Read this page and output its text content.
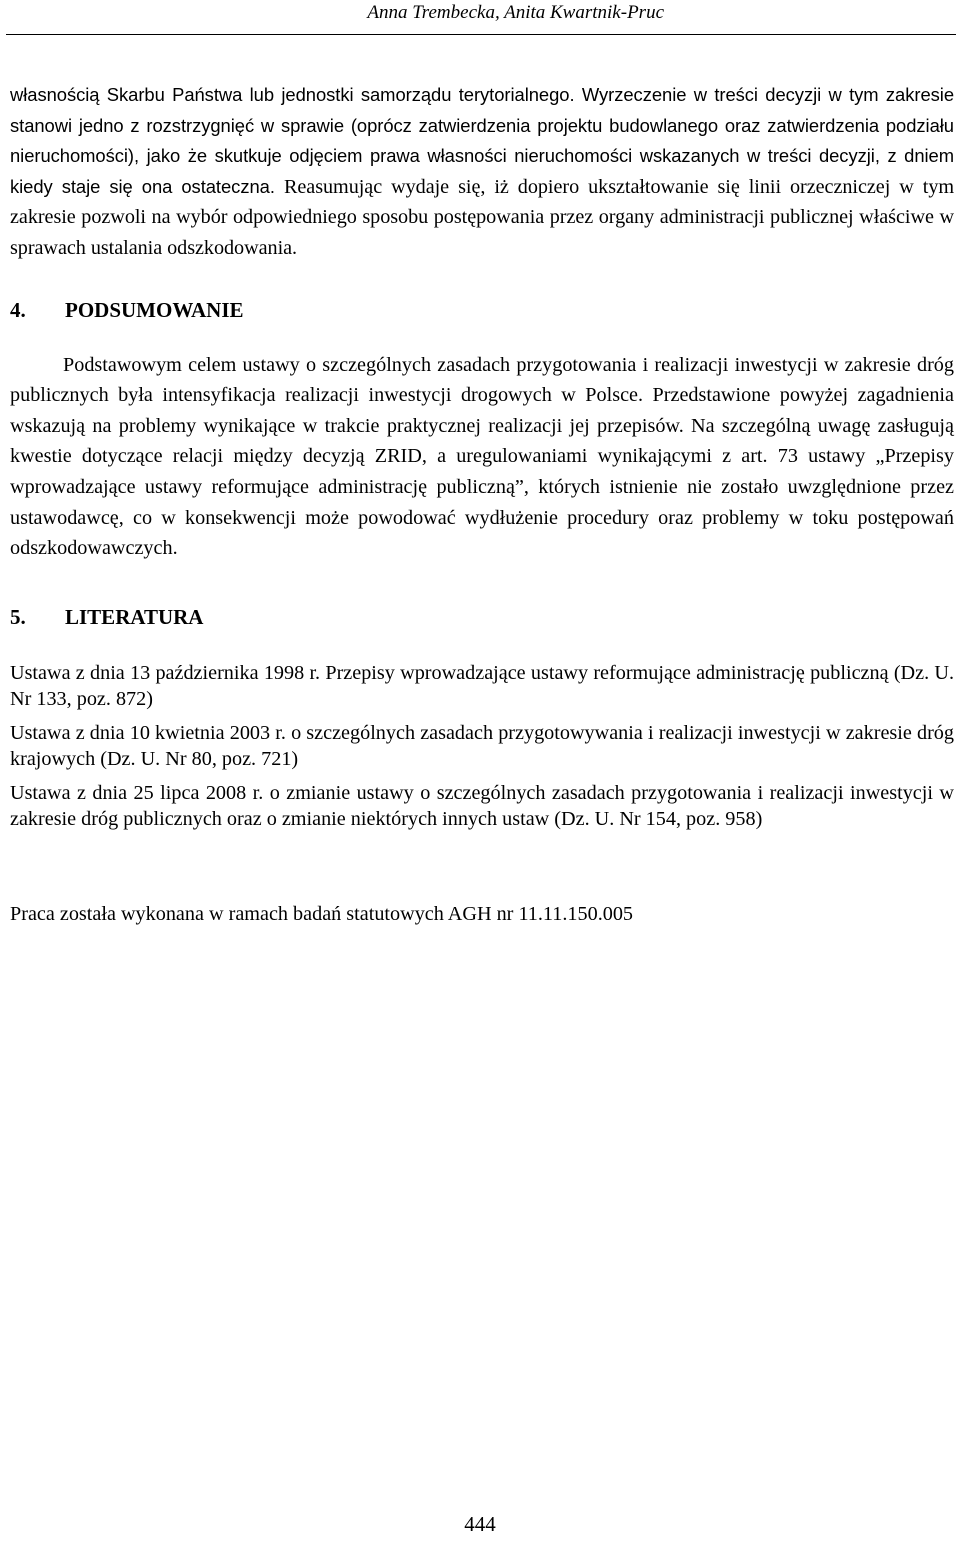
Anna Trembecka, Anita Kwartnik-Pruc

własnością Skarbu Państwa lub jednostki samorządu terytorialnego. Wyrzeczenie w treści decyzji w tym zakresie stanowi jedno z rozstrzygnięć w sprawie (oprócz zatwierdzenia projektu budowlanego oraz zatwierdzenia podziału nieruchomości), jako że skutkuje odjęciem prawa własności nieruchomości wskazanych w treści decyzji, z dniem kiedy staje się ona ostateczna. Reasumując wydaje się, iż dopiero ukształtowanie się linii orzeczniczej w tym zakresie pozwoli na wybór odpowiedniego sposobu postępowania przez organy administracji publicznej właściwe w sprawach ustalania odszkodowania.

4. PODSUMOWANIE

Podstawowym celem ustawy o szczególnych zasadach przygotowania i realizacji inwestycji w zakresie dróg publicznych była intensyfikacja realizacji inwestycji drogowych w Polsce. Przedstawione powyżej zagadnienia wskazują na problemy wynikające w trakcie praktycznej realizacji jej przepisów. Na szczególną uwagę zasługują kwestie dotyczące relacji między decyzją ZRID, a uregulowaniami wynikającymi z art. 73 ustawy „Przepisy wprowadzające ustawy reformujące administrację publiczną”, których istnienie nie zostało uwzględnione przez ustawodawcę, co w konsekwencji może powodować wydłużenie procedury oraz problemy w toku postępowań odszkodowawczych.

5. LITERATURA

Ustawa z dnia 13 października 1998 r. Przepisy wprowadzające ustawy reformujące administrację publiczną (Dz. U. Nr 133, poz. 872)

Ustawa z dnia 10 kwietnia 2003 r. o szczególnych zasadach przygotowywania i realizacji inwestycji w zakresie dróg krajowych (Dz. U. Nr 80, poz. 721)

Ustawa z dnia 25 lipca 2008 r. o zmianie ustawy o szczególnych zasadach przygotowania i realizacji inwestycji w zakresie dróg publicznych oraz o zmianie niektórych innych ustaw (Dz. U. Nr 154, poz. 958)

Praca została wykonana w ramach badań statutowych AGH nr 11.11.150.005

444
